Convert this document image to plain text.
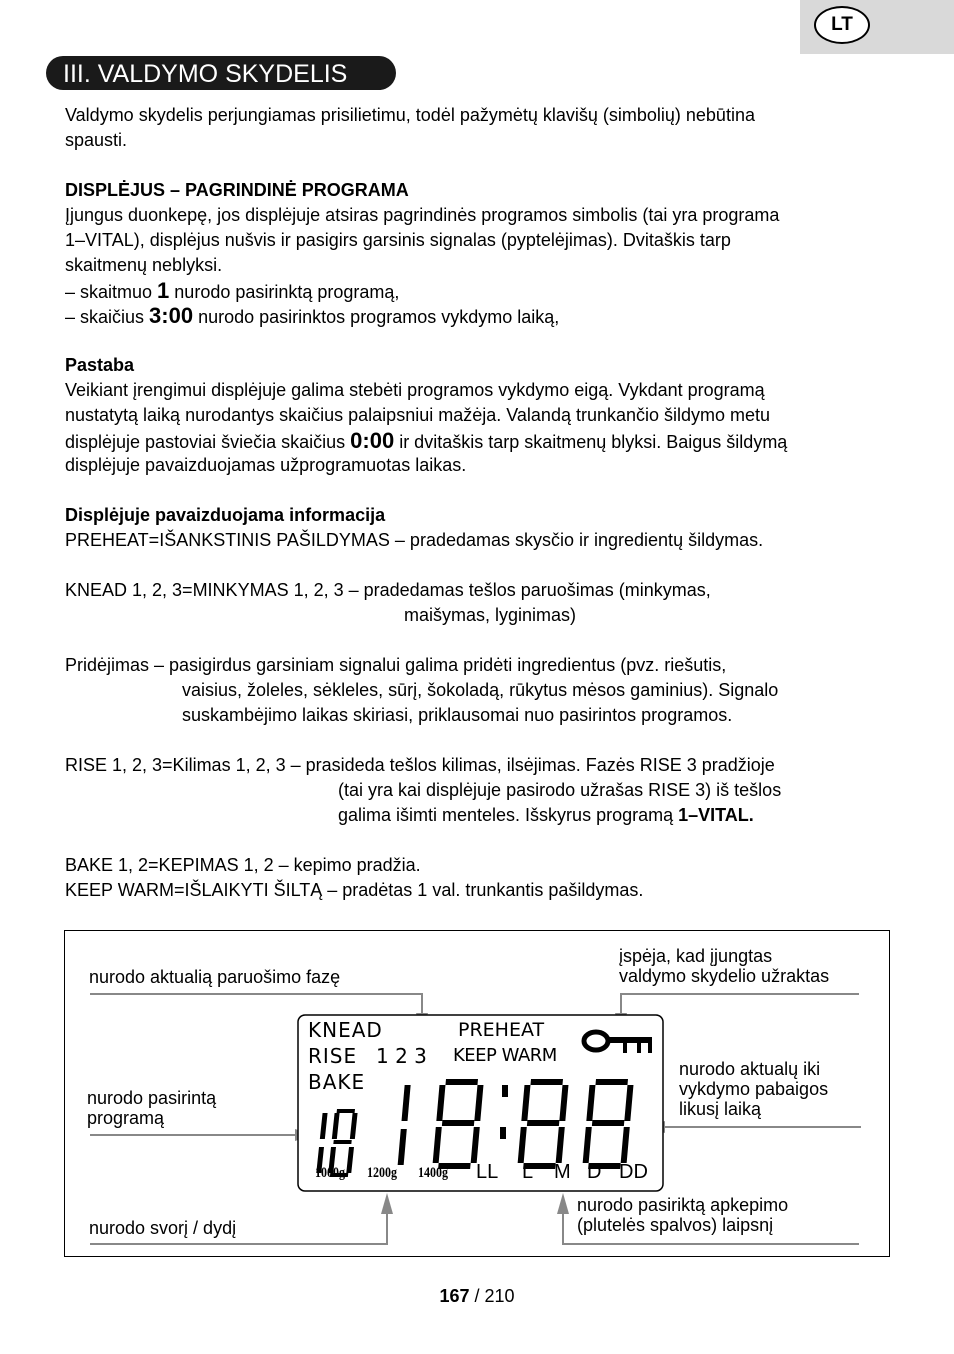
LT
III. VALDYMO SKYDELIS
Valdymo skydelis perjungiamas prisilietimu, todėl pažymėtų klavišų (simbolių) nebūtina
spausti.
DISPLĖJUS – PAGRINDINĖ PROGRAMA
Įjungus duonkepę, jos displėjuje atsiras pagrindinės programos simbolis (tai yra programa
1–VITAL), displėjus nušvis ir pasigirs garsinis signalas (pyptelėjimas). Dvitaškis tarp
skaitmenų neblyksi.
– skaitmuo 1 nurodo pasirinktą programą,
– skaičius 3:00 nurodo pasirinktos programos vykdymo laiką,
Pastaba
Veikiant įrengimui displėjuje galima stebėti programos vykdymo eigą. Vykdant programą
nustatytą laiką nurodantys skaičius palaipsniui mažėja. Valandą trunkančio šildymo metu
displėjuje pastoviai šviečia skaičius 0:00 ir dvitaškis tarp skaitmenų blyksi. Baigus šildymą
displėjuje pavaizduojamas užprogramuotas laikas.
Displėjuje pavaizduojama informacija
PREHEAT=IŠANKSTINIS PAŠILDYMAS – pradedamas skysčio ir ingredientų šildymas.
KNEAD 1, 2, 3=MINKYMAS 1, 2, 3 – pradedamas tešlos paruošimas (minkymas,
maišymas, lyginimas)
Pridėjimas – pasigirdus garsiniam signalui galima pridėti ingredientus (pvz. riešutis,
vaisius, žoleles, sėkleles, sūrį, šokoladą, rūkytus mėsos gaminius). Signalo
suskambėjimo laikas skiriasi, priklausomai nuo pasirintos programos.
RISE 1, 2, 3=Kilimas 1, 2, 3 – prasideda tešlos kilimas, ilsėjimas. Fazės RISE 3 pradžioje
(tai yra kai displėjuje pasirodo užrašas RISE 3) iš tešlos
galima išimti menteles. Išskyrus programą 1–VITAL.
BAKE 1, 2=KEPIMAS 1, 2 – kepimo pradžia.
KEEP WARM=IŠLAIKYTI ŠILTĄ – pradėtas 1 val. trunkantis pašildymas.
KNEAD
RISE 1 2 3
BAKE
PREHEAT
KEEP WARM
1000g 1200g 1400g LL L M D DD
nurodo aktualią paruošimo fazę
įspėja, kad įjungtas
valdymo skydelio užraktas
nurodo pasirintą
programą
nurodo aktualų iki
vykdymo pabaigos
likusį laiką
nurodo svorį / dydį
nurodo pasiriktą apkepimo
(plutelės spalvos) laipsnį
167 / 210
